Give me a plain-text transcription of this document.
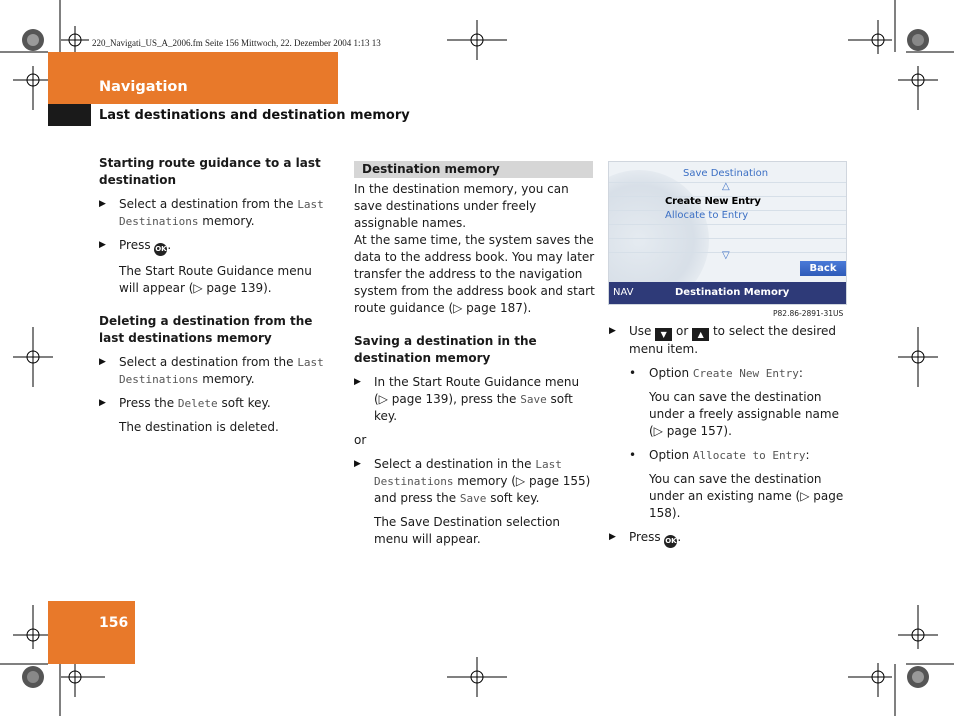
220_Navigati_US_A_2006.fm Seite 156 Mittwoch, 22. Dezember 2004 1:13 13
Navigation
Last destinations and destination memory

Starting route guidance to a last destination

▶ Select a destination from the Last Destinations memory.

▶ Press OK.

The Start Route Guidance menu will appear (▷ page 139).

Deleting a destination from the last destinations memory

▶ Select a destination from the Last Destinations memory.

▶ Press the Delete soft key.

The destination is deleted.

Destination memory

In the destination memory, you can save destinations under freely assignable names.

At the same time, the system saves the data to the address book. You may later transfer the address to the navigation system from the address book and start route guidance (▷ page 187).

Saving a destination in the destination memory

▶ In the Start Route Guidance menu (▷ page 139), press the Save soft key.

or

▶ Select a destination in the Last Destinations memory (▷ page 155) and press the Save soft key.

The Save Destination selection menu will appear.

Save Destination
△
Create New Entry
Allocate to Entry
▽
Back
NAV	Destination Memory
P82.86-2891-31US

▶ Use ▼ or ▲ to select the desired menu item.

• Option Create New Entry:

You can save the destination under a freely assignable name (▷ page 157).

• Option Allocate to Entry:

You can save the destination under an existing name (▷ page 158).

▶ Press OK.

156
